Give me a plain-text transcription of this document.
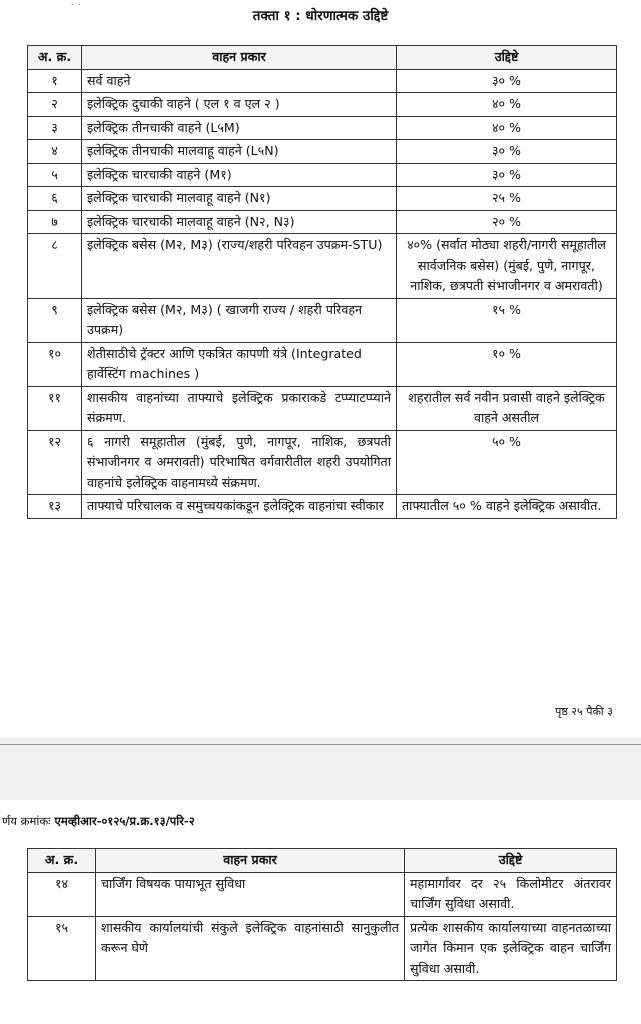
٠ ٠
तक्ता १ : धोरणात्मक उद्दिष्टे
अ. क्र.	वाहन प्रकार	उद्दिष्टे
१	सर्व वाहने	३० %
२	इलेक्ट्रिक दुचाकी वाहने ( एल १ व एल २ )	४० %
३	इलेक्ट्रिक तीनचाकी वाहने (L५M)	४० %
४	इलेक्ट्रिक तीनचाकी मालवाहू वाहने (L५N)	३० %
५	इलेक्ट्रिक चारचाकी वाहने (M१)	३० %
६	इलेक्ट्रिक चारचाकी मालवाहू वाहने (N१)	२५ %
७	इलेक्ट्रिक चारचाकी मालवाहू वाहने (N२, N३)	२० %
८	इलेक्ट्रिक बसेस (M२, M३) (राज्य/शहरी परिवहन उपक्रम-STU)	४०% (सर्वात मोठ्या शहरी/नागरी समूहातील सार्वजनिक बसेस) (मुंबई, पुणे, नागपूर, नाशिक, छत्रपती संभाजीनगर व अमरावती)
९	इलेक्ट्रिक बसेस (M२, M३) ( खाजगी राज्य / शहरी परिवहन उपक्रम)	१५ %
१०	शेतीसाठीचे ट्रॅक्टर आणि एकत्रित कापणी यंत्रे (Integrated हार्वेस्टिंग machines )	१० %
११	शासकीय वाहनांच्या ताफ्याचे इलेक्ट्रिक प्रकाराकडे टप्प्याटप्प्याने संक्रमण.	शहरातील सर्व नवीन प्रवासी वाहने इलेक्ट्रिक वाहने असतील
१२	६ नागरी समूहातील (मुंबई, पुणे, नागपूर, नाशिक, छत्रपती संभाजीनगर व अमरावती) परिभाषित वर्गवारीतील शहरी उपयोगिता वाहनांचे इलेक्ट्रिक वाहनामध्ये संक्रमण.	५० %
१३	ताफ्याचे परिचालक व समुच्चयकांकडून इलेक्ट्रिक वाहनांचा स्वीकार	ताफ्यातील ५० % वाहने इलेक्ट्रिक असावीत.
पृष्ठ २५ पैकी ३
र्णय क्रमांकः एमव्हीआर-०१२५/प्र.क्र.१३/परि-२
अ. क्र.	वाहन प्रकार	उद्दिष्टे
१४	चार्जिंग विषयक पायाभूत सुविधा	महामार्गांवर दर २५ किलोमीटर अंतरावर चार्जिंग सुविधा असावी.
१५	शासकीय कार्यालयांची संकुले इलेक्ट्रिक वाहनांसाठी सानुकुलीत करून घेणे	प्रत्येक शासकीय कार्यालयाच्या वाहनतळाच्या जागेत किमान एक इलेक्ट्रिक वाहन चार्जिंग सुविधा असावी.
